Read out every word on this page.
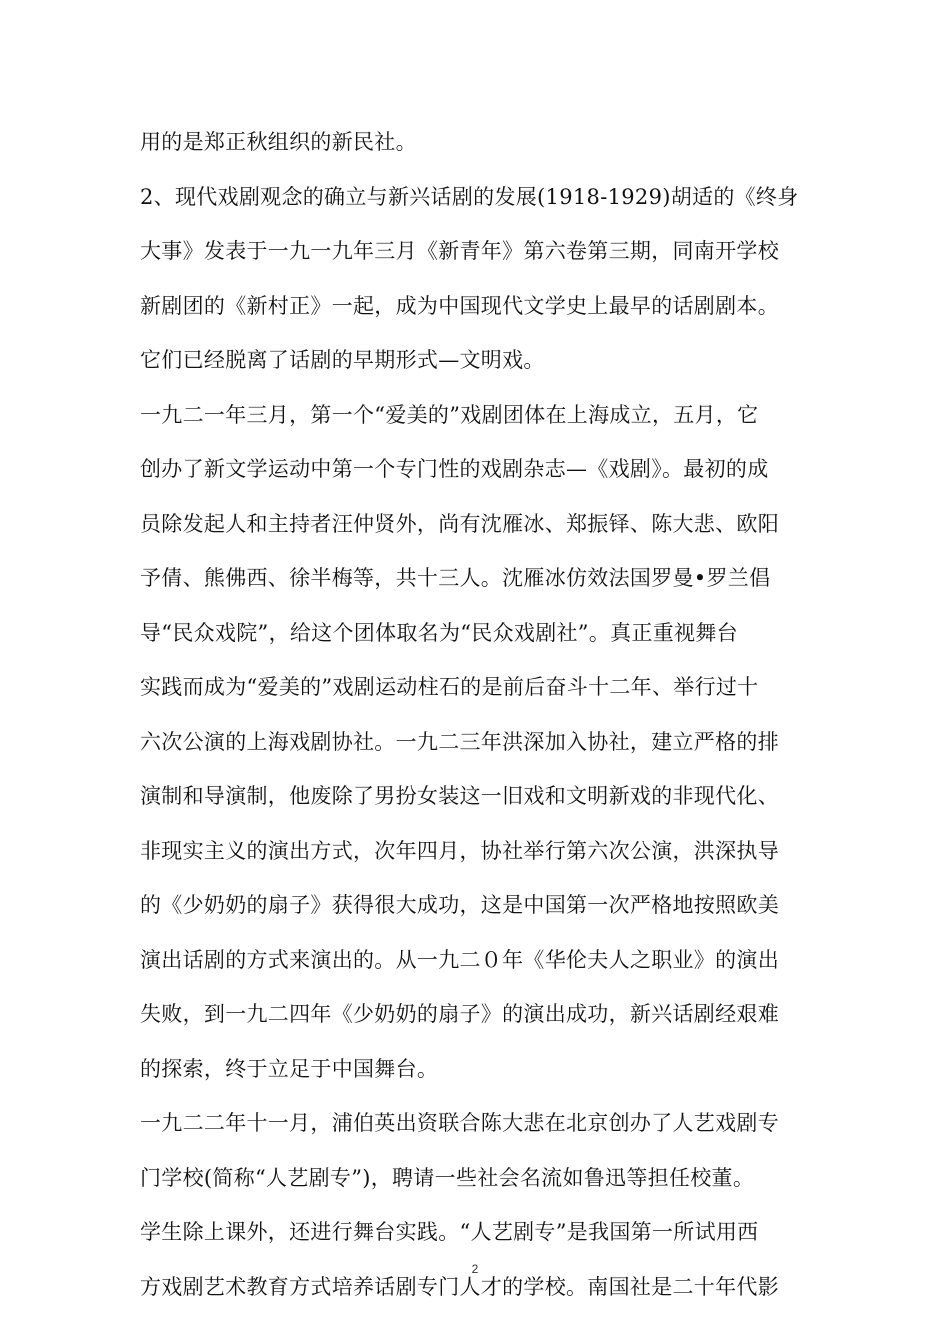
用的是郑正秋组织的新民社。
2、现代戏剧观念的确立与新兴话剧的发展(1918-1929)胡适的《终身
大事》发表于一九一九年三月《新青年》第六卷第三期，同南开学校
新剧团的《新村正》一起，成为中国现代文学史上最早的话剧剧本。
它们已经脱离了话剧的早期形式—文明戏。
一九二一年三月，第一个“爱美的”戏剧团体在上海成立，五月，它
创办了新文学运动中第一个专门性的戏剧杂志—《戏剧》。最初的成
员除发起人和主持者汪仲贤外，尚有沈雁冰、郑振铎、陈大悲、欧阳
予倩、熊佛西、徐半梅等，共十三人。沈雁冰仿效法国罗曼•罗兰倡
导“民众戏院”，给这个团体取名为“民众戏剧社”。真正重视舞台
实践而成为“爱美的”戏剧运动柱石的是前后奋斗十二年、举行过十
六次公演的上海戏剧协社。一九二三年洪深加入协社，建立严格的排
演制和导演制，他废除了男扮女装这一旧戏和文明新戏的非现代化、
非现实主义的演出方式，次年四月，协社举行第六次公演，洪深执导
的《少奶奶的扇子》获得很大成功，这是中国第一次严格地按照欧美
演出话剧的方式来演出的。从一九二０年《华伦夫人之职业》的演出
失败，到一九二四年《少奶奶的扇子》的演出成功，新兴话剧经艰难
的探索，终于立足于中国舞台。
一九二二年十一月，浦伯英出资联合陈大悲在北京创办了人艺戏剧专
门学校(简称“人艺剧专”)，聘请一些社会名流如鲁迅等担任校董。
学生除上课外，还进行舞台实践。“人艺剧专”是我国第一所试用西
方戏剧艺术教育方式培养话剧专门人才的学校。南国社是二十年代影
2
